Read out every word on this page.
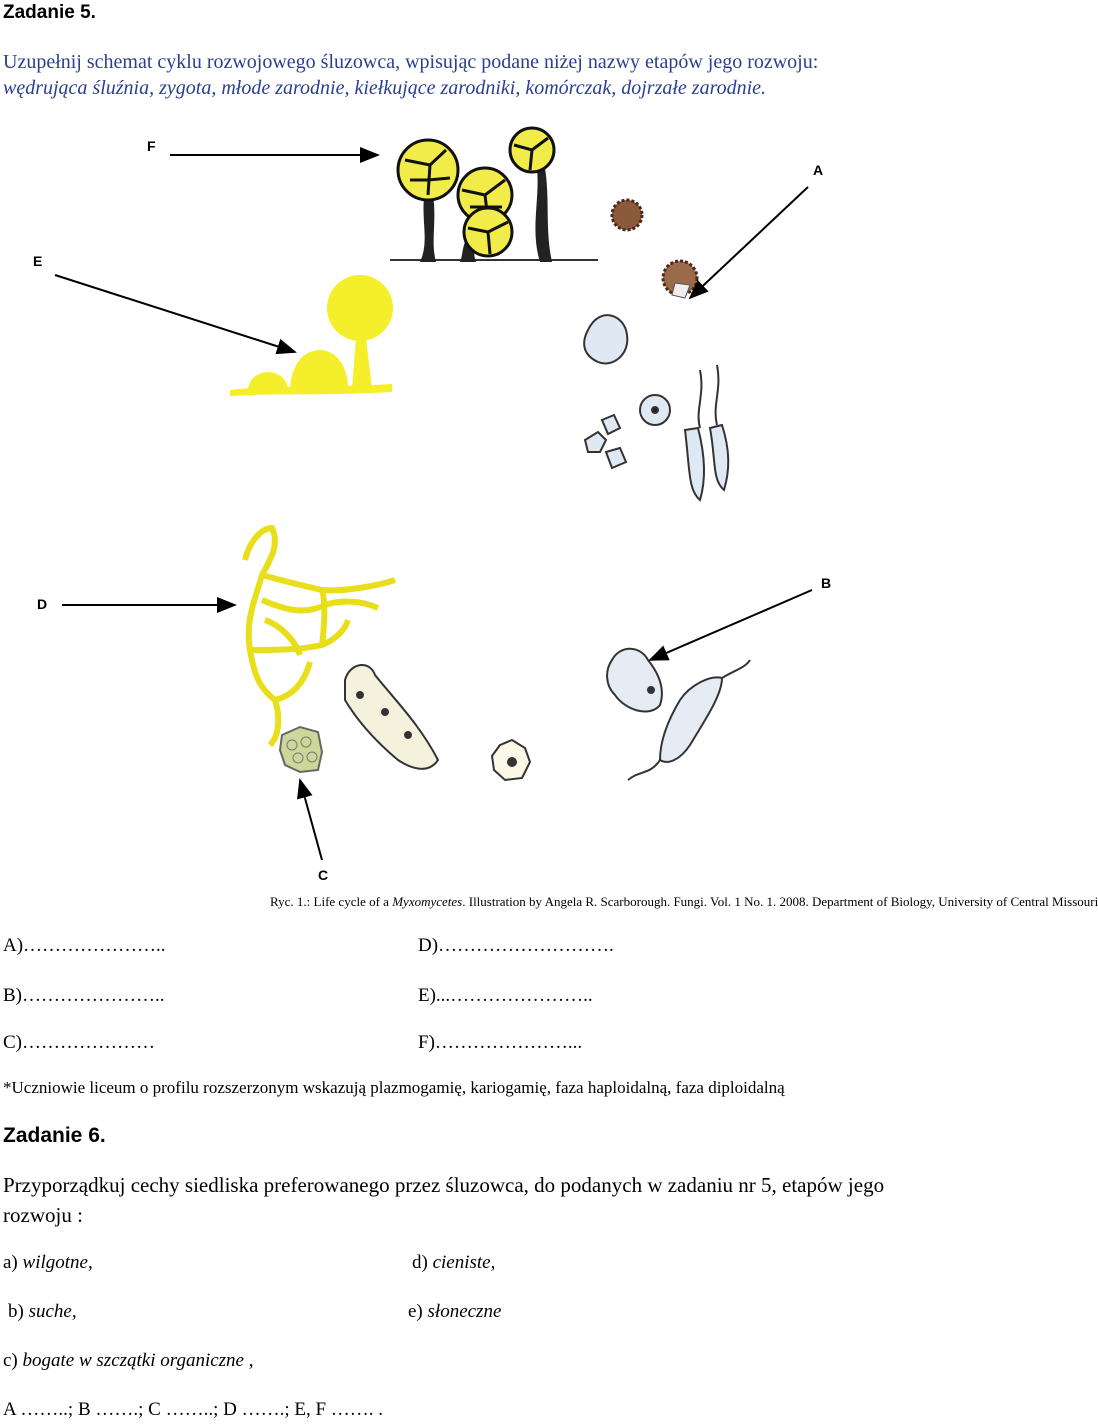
Zadanie 5.
Uzupełnij schemat cyklu rozwojowego śluzowca, wpisując podane niżej nazwy etapów jego rozwoju:
wędrująca śluźnia, zygota, młode zarodnie, kiełkujące zarodniki, komórczak, dojrzałe zarodnie.
F
A
E
D
B
C
Ryc. 1.: Life cycle of a Myxomycetes. Illustration by Angela R. Scarborough. Fungi. Vol. 1 No. 1. 2008. Department of Biology, University of Central Missouri
A)…………………..	D)……………………….
B)…………………..	E)...…………………..
C)…………………	F)…………………...
*Uczniowie liceum o profilu rozszerzonym wskazują plazmogamię, kariogamię, faza haploidalną, faza diploidalną
Zadanie 6.
Przyporządkuj cechy siedliska preferowanego przez śluzowca, do podanych w zadaniu nr 5, etapów jego
rozwoju :
a) wilgotne,	d) cieniste,
b) suche,	e) słoneczne
c) bogate w szczątki organiczne ,
A ……..; B …….; C ……..; D …….; E, F ……. .
